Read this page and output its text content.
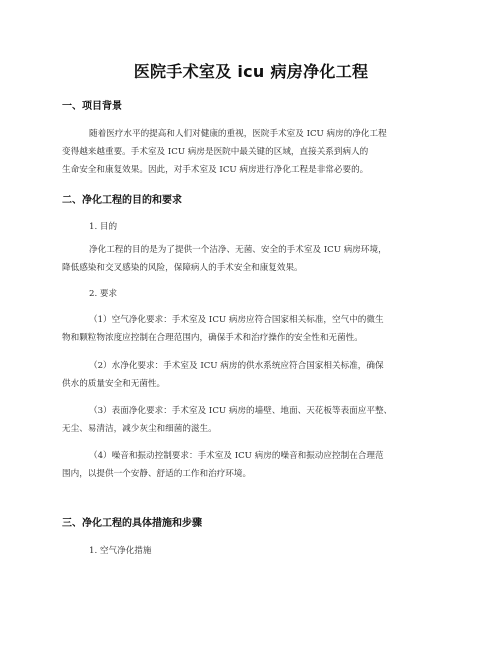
医院手术室及 icu 病房净化工程
一、项目背景
随着医疗水平的提高和人们对健康的重视，医院手术室及 ICU 病房的净化工程
变得越来越重要。手术室及 ICU 病房是医院中最关键的区域，直接关系到病人的
生命安全和康复效果。因此，对手术室及 ICU 病房进行净化工程是非常必要的。
二、净化工程的目的和要求
1. 目的
净化工程的目的是为了提供一个洁净、无菌、安全的手术室及 ICU 病房环境，
降低感染和交叉感染的风险，保障病人的手术安全和康复效果。
2. 要求
（1）空气净化要求：手术室及 ICU 病房应符合国家相关标准，空气中的微生
物和颗粒物浓度应控制在合理范围内，确保手术和治疗操作的安全性和无菌性。
（2）水净化要求：手术室及 ICU 病房的供水系统应符合国家相关标准，确保
供水的质量安全和无菌性。
（3）表面净化要求：手术室及 ICU 病房的墙壁、地面、天花板等表面应平整、
无尘、易清洁，减少灰尘和细菌的滋生。
（4）噪音和振动控制要求：手术室及 ICU 病房的噪音和振动应控制在合理范
围内，以提供一个安静、舒适的工作和治疗环境。
三、净化工程的具体措施和步骤
1. 空气净化措施
